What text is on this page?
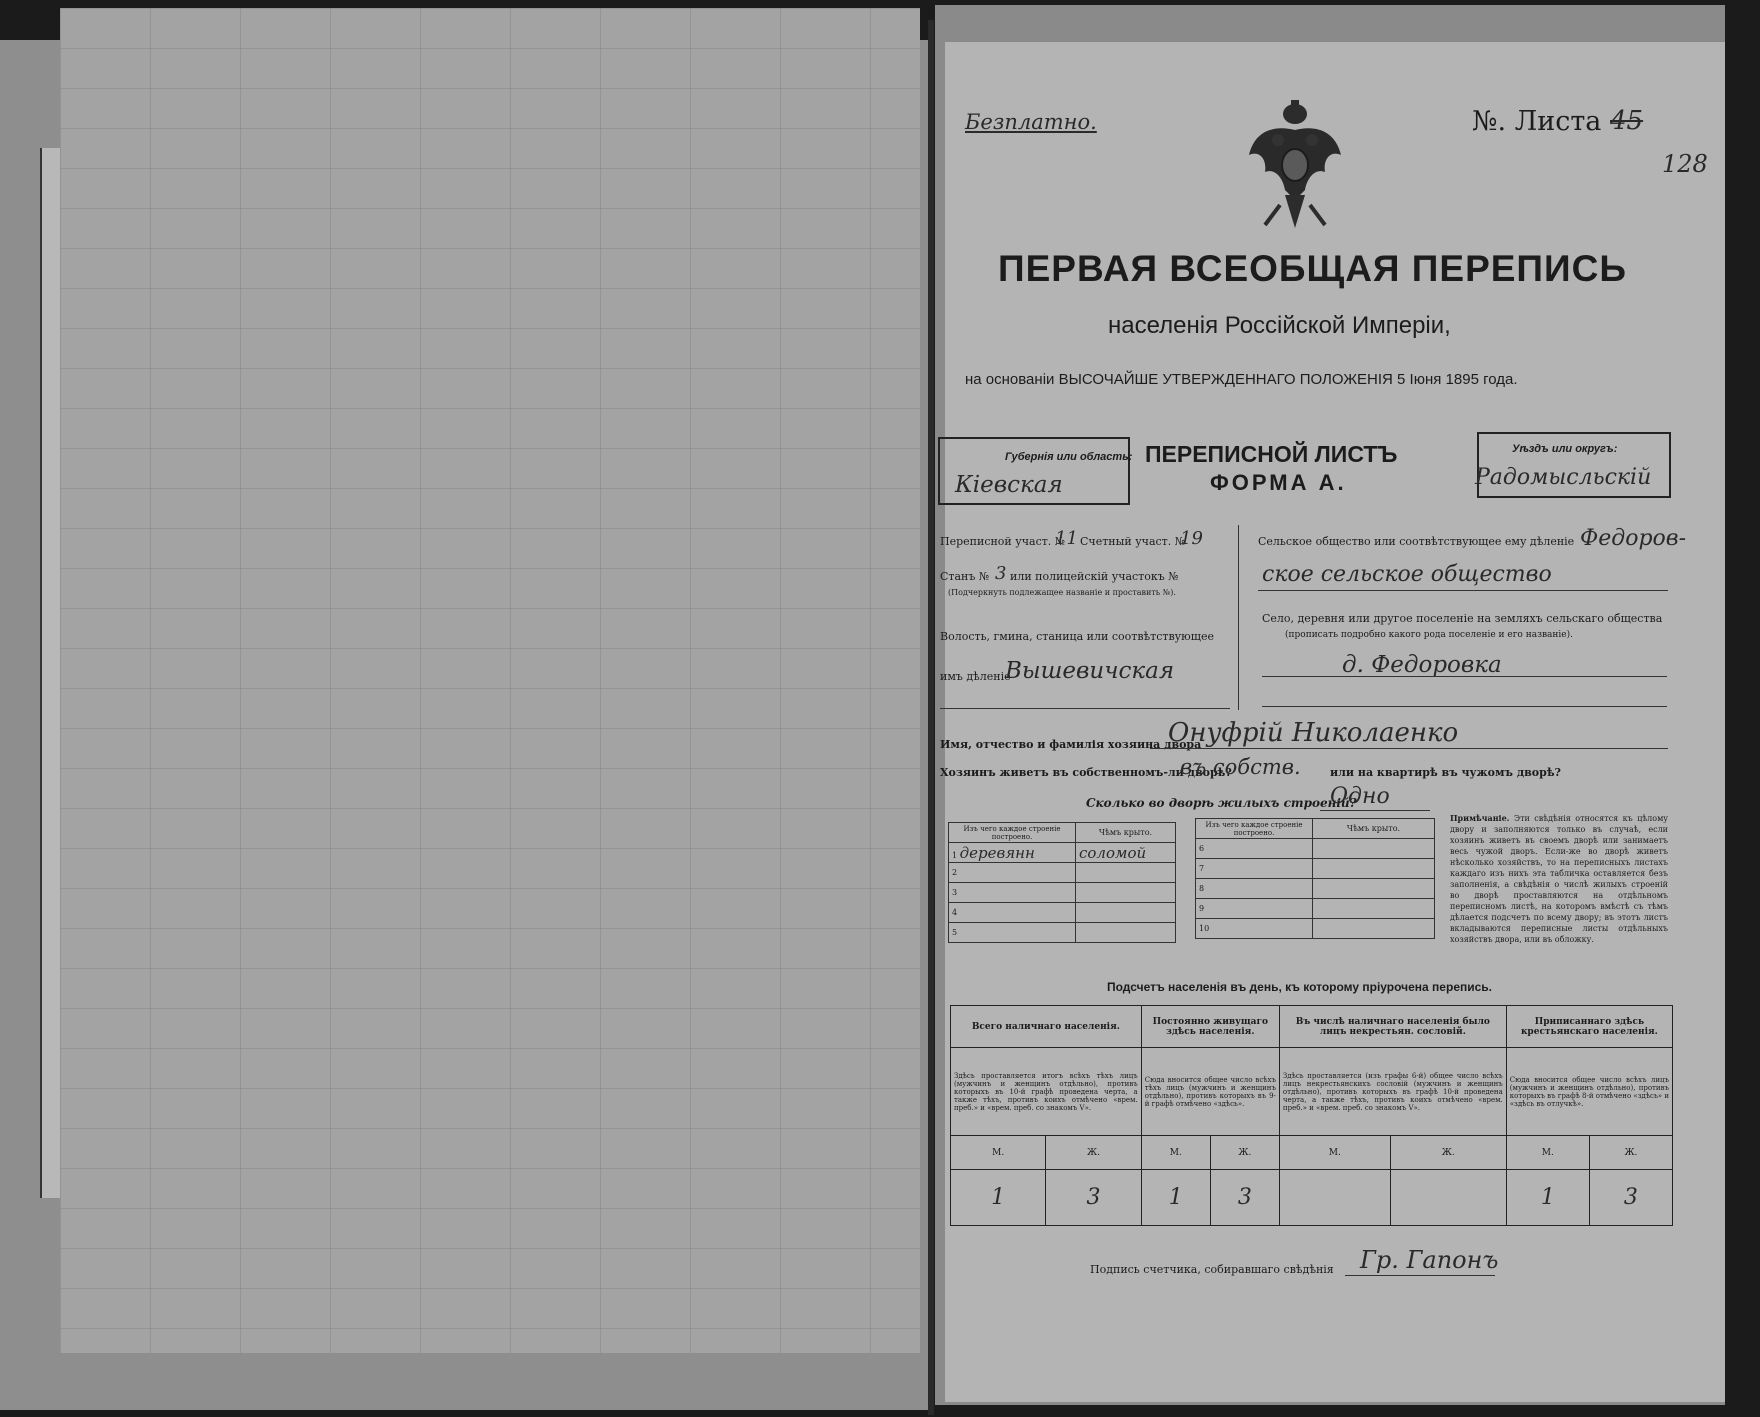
Безплатно.	№. Листа 45
128
ПЕРВАЯ ВСЕОБЩАЯ ПЕРЕПИСЬ
населенія Россійской Имперіи,
на основаніи ВЫСОЧАЙШЕ УТВЕРЖДЕННАГО ПОЛОЖЕНІЯ 5 Іюня 1895 года.
Губернія или область:
Кіевская
ПЕРЕПИСНОЙ ЛИСТЪ
ФОРМА А.
Уѣздъ или округъ:
Радомысльскій
Переписной участ. №
11 Счетный участ. №
19
Станъ № 3 или полицейскій участокъ №
(Подчеркнуть подлежащее названіе и проставить №).
Волость, гмина, станица или соотвѣтствующее
имъ дѣленіе
Вышевичская
Сельское общество или соотвѣтствующее ему дѣленіе Федоров-
ское сельское общество
Село, деревня или другое поселеніе на земляхъ сельскаго общества
(прописать подробно какого рода поселеніе и его названіе).
д. Федоровка
Имя, отчество и фамилія хозяина двора
Онуфрій Николаенко
Хозяинъ живетъ въ собственномъ-ли дворѣ?
въ собств.	или на квартирѣ въ чужомъ дворѣ?
Сколько во дворѣ жилыхъ строеній?
Одно
Изъ чего каждое строеніе построено.	Чѣмъ крыто.
1 деревянн	соломой
2	
3	
4	
5	
Изъ чего каждое строеніе построено.	Чѣмъ крыто.
6	
7	
8	
9	
10	
Примѣчаніе. Эти свѣдѣнія относятся къ цѣлому двору и заполняются только въ случаѣ, если хозяинъ живетъ въ своемъ дворѣ или занимаетъ весь чужой дворъ. Если-же во дворѣ живетъ нѣсколько хозяйствъ, то на переписныхъ листахъ каждаго изъ нихъ эта табличка оставляется безъ заполненія, а свѣдѣнія о числѣ жилыхъ строеній во дворѣ проставляются на отдѣльномъ переписномъ листѣ, на которомъ вмѣстѣ съ тѣмъ дѣлается подсчетъ по всему двору; въ этотъ листъ вкладываются переписные листы отдѣльныхъ хозяйствъ двора, или въ обложку.
Подсчетъ населенія въ день, къ которому пріурочена перепись.
Всего наличнаго населенія.		Постоянно живущаго здѣсь населенія.		Въ числѣ наличнаго населенія было лицъ некрестьян. сословій.		Приписаннаго здѣсь крестьянскаго населенія.	
Здѣсь проставляется итогъ всѣхъ тѣхъ лицъ (мужчинъ и женщинъ отдѣльно), противъ которыхъ въ 10-й графѣ проведена черта, а также тѣхъ, противъ коихъ отмѣчено «врем. преб.» и «врем. преб. со знакомъ V».		Сюда вносится общее число всѣхъ тѣхъ лицъ (мужчинъ и женщинъ отдѣльно), противъ которыхъ въ 9-й графѣ отмѣчено «здѣсь».		Здѣсь проставляется (изъ графы 6-й) общее число всѣхъ лицъ некрестьянскихъ сословій (мужчинъ и женщинъ отдѣльно), противъ которыхъ въ графѣ 10-й проведена черта, а также тѣхъ, противъ коихъ отмѣчено «врем. преб.» и «врем. преб. со знакомъ V».		Сюда вносится общее число всѣхъ лицъ (мужчинъ и женщинъ отдѣльно), противъ которыхъ въ графѣ 8-й отмѣчено «здѣсь» и «здѣсь въ отлучкѣ».	
М.	Ж.	М.	Ж.	М.	Ж.	М.	Ж.
1	3	1	3			1	3
Подпись счетчика, собиравшаго свѣдѣнія Гр. Гапонъ
